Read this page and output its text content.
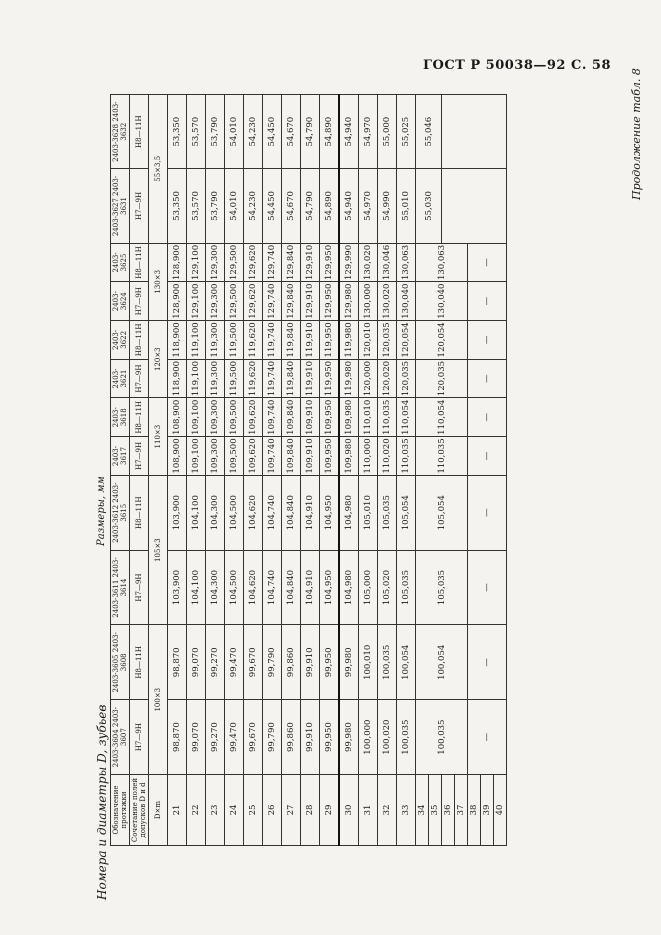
ГОСТ Р 50038—92 С. 58
Продолжение табл. 8
Номера и диаметры D, зубьев
Размеры, мм
Обозначение протяжки	2403-3604 2403-3607	2403-3605 2403-3608	2403-3611 2403-3614	2403-3612 2403-3615	2403-3617	2403-3618	2403-3621	2403-3622	2403-3624	2403-3625	2403-3627 2403-3631	2403-3628 2403-3632
Сочетание полей допусков D и d	H7—9H	H8—11H	H7—9H	H8—11H	H7—9H	H8—11H	H7—9H	H8—11H	H7—9H	H8—11H	H7—9H	H8—11H
D×m	100×3		105×3		110×3		120×3		130×3		55×3,5	
21	98,870	98,870	103,900	103,900	108,900	108,900	118,900	118,900	128,900	128,900	53,350	53,350
22	99,070	99,070	104,100	104,100	109,100	109,100	119,100	119,100	129,100	129,100	53,570	53,570
23	99,270	99,270	104,300	104,300	109,300	109,300	119,300	119,300	129,300	129,300	53,790	53,790
24	99,470	99,470	104,500	104,500	109,500	109,500	119,500	119,500	129,500	129,500	54,010	54,010
25	99,670	99,670	104,620	104,620	109,620	109,620	119,620	119,620	129,620	129,620	54,230	54,230
26	99,790	99,790	104,740	104,740	109,740	109,740	119,740	119,740	129,740	129,740	54,450	54,450
27	99,860	99,860	104,840	104,840	109,840	109,840	119,840	119,840	129,840	129,840	54,670	54,670
28	99,910	99,910	104,910	104,910	109,910	109,910	119,910	119,910	129,910	129,910	54,790	54,790
29	99,950	99,950	104,950	104,950	109,950	109,950	119,950	119,950	129,950	129,950	54,890	54,890
30	99,980	99,980	104,980	104,980	109,980	109,980	119,980	119,980	129,980	129,990	54,940	54,940
31	100,000	100,010	105,000	105,010	110,000	110,010	120,000	120,010	130,000	130,020	54,970	54,970
32	100,020	100,035	105,020	105,035	110,020	110,035	120,020	120,035	130,020	130,046	54,990	55,000
33	100,035	100,054	105,035	105,054	110,035	110,054	120,035	120,054	130,040	130,063	55,010	55,025
34	100,035	100,054	105,035	105,054	110,035	110,054	120,035	120,054	130,040	130,063	55,030	55,046
35												
36												
37												
38	—	—	—	—	—	—	—	—	—	—		
39												
40												
